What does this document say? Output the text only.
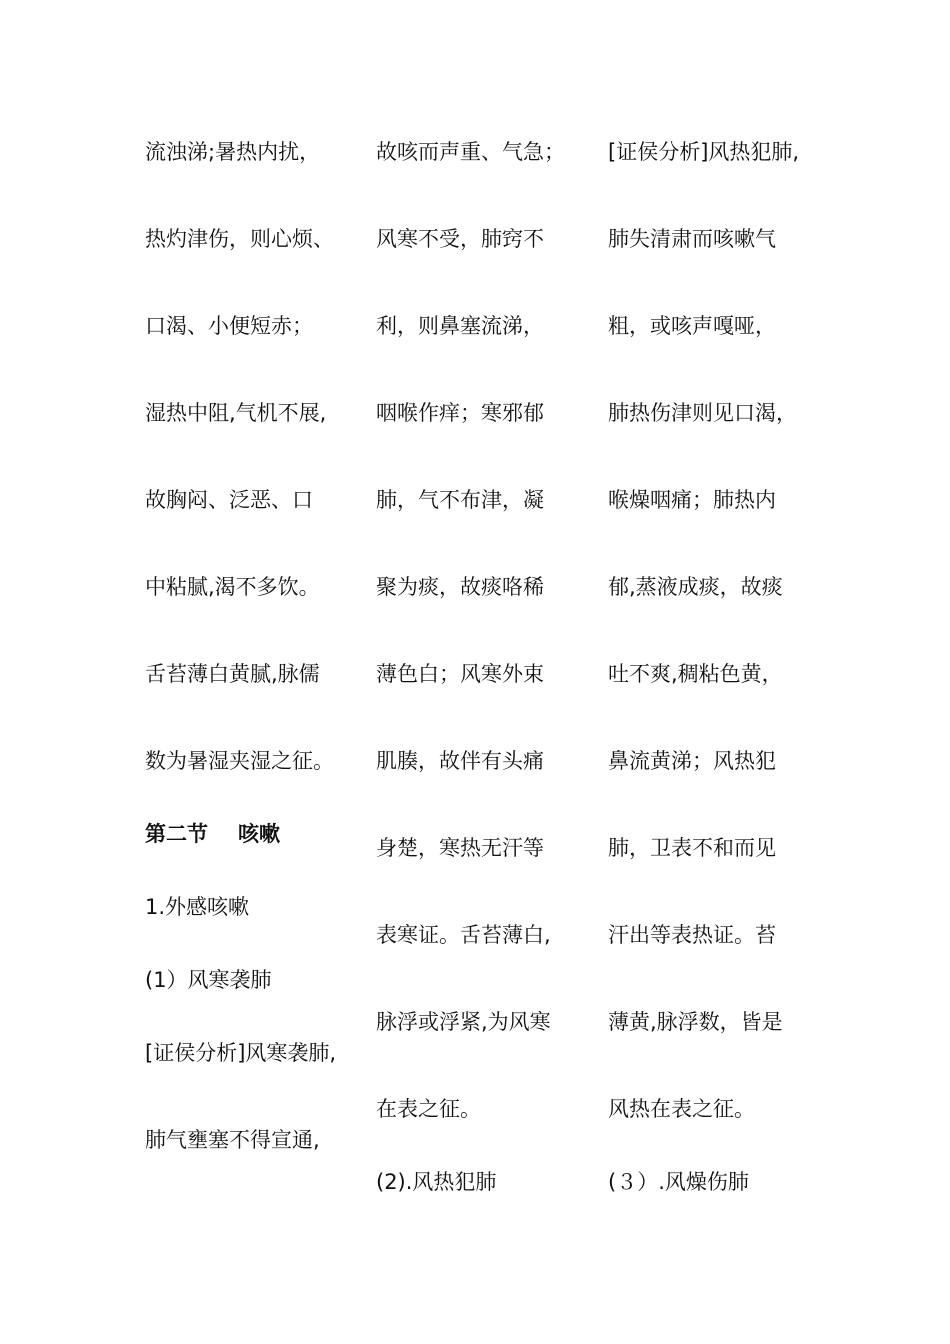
流浊涕;暑热内扰，
热灼津伤，则心烦、
口渴、小便短赤；
湿热中阻,气机不展,
故胸闷、泛恶、口
中粘腻,渴不多饮。
舌苔薄白黄腻,脉儒
数为暑湿夹湿之征。
第二节 咳嗽
1.外感咳嗽
(1）风寒袭肺
[证侯分析]风寒袭肺,
肺气壅塞不得宣通,
故咳而声重、气急；
风寒不受，肺窍不
利，则鼻塞流涕，
咽喉作痒；寒邪郁
肺，气不布津，凝
聚为痰，故痰咯稀
薄色白；风寒外束
肌腠，故伴有头痛
身楚，寒热无汗等
表寒证。舌苔薄白,
脉浮或浮紧,为风寒
在表之征。
(2).风热犯肺
[证侯分析]风热犯肺,
肺失清肃而咳嗽气
粗，或咳声嘎哑，
肺热伤津则见口渴，
喉燥咽痛；肺热内
郁,蒸液成痰，故痰
吐不爽,稠粘色黄，
鼻流黄涕；风热犯
肺，卫表不和而见
汗出等表热证。苔
薄黄,脉浮数，皆是
风热在表之征。
(３）.风燥伤肺
